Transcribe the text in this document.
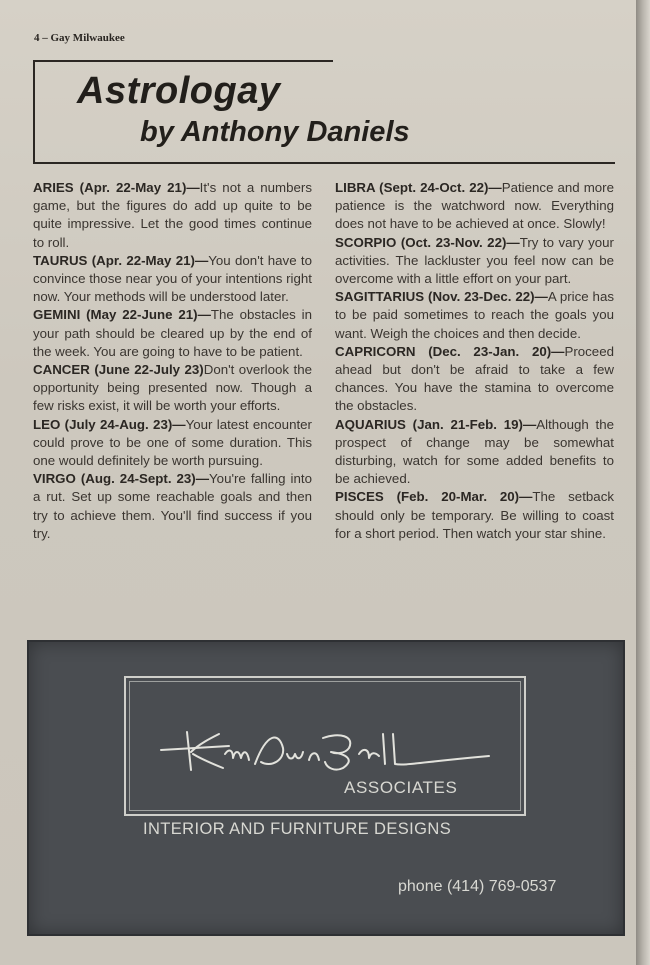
4 – Gay Milwaukee
Astrologay
by Anthony Daniels

ARIES (Apr. 22-May 21)—It's not a numbers game, but the figures do add up quite to be quite impressive. Let the good times continue to roll.

TAURUS (Apr. 22-May 21)—You don't have to convince those near you of your intentions right now. Your methods will be understood later.

GEMINI (May 22-June 21)—The obstacles in your path should be cleared up by the end of the week. You are going to have to be patient.

CANCER (June 22-July 23)Don't overlook the opportunity being presented now. Though a few risks exist, it will be worth your efforts.

LEO (July 24-Aug. 23)—Your latest encounter could prove to be one of some duration. This one would definitely be worth pursuing.

VIRGO (Aug. 24-Sept. 23)—You're falling into a rut. Set up some reachable goals and then try to achieve them. You'll find success if you try.

LIBRA (Sept. 24-Oct. 22)—Patience and more patience is the watchword now. Everything does not have to be achieved at once. Slowly!

SCORPIO (Oct. 23-Nov. 22)—Try to vary your activities. The lackluster you feel now can be overcome with a little effort on your part.

SAGITTARIUS (Nov. 23-Dec. 22)—A price has to be paid sometimes to reach the goals you want. Weigh the choices and then decide.

CAPRICORN (Dec. 23-Jan. 20)—Proceed ahead but don't be afraid to take a few chances. You have the stamina to overcome the obstacles.

AQUARIUS (Jan. 21-Feb. 19)—Although the prospect of change may be somewhat disturbing, watch for some added benefits to be achieved.

PISCES (Feb. 20-Mar. 20)—The setback should only be temporary. Be willing to coast for a short period. Then watch your star shine.

ASSOCIATES
INTERIOR AND FURNITURE DESIGNS
phone (414) 769-0537
